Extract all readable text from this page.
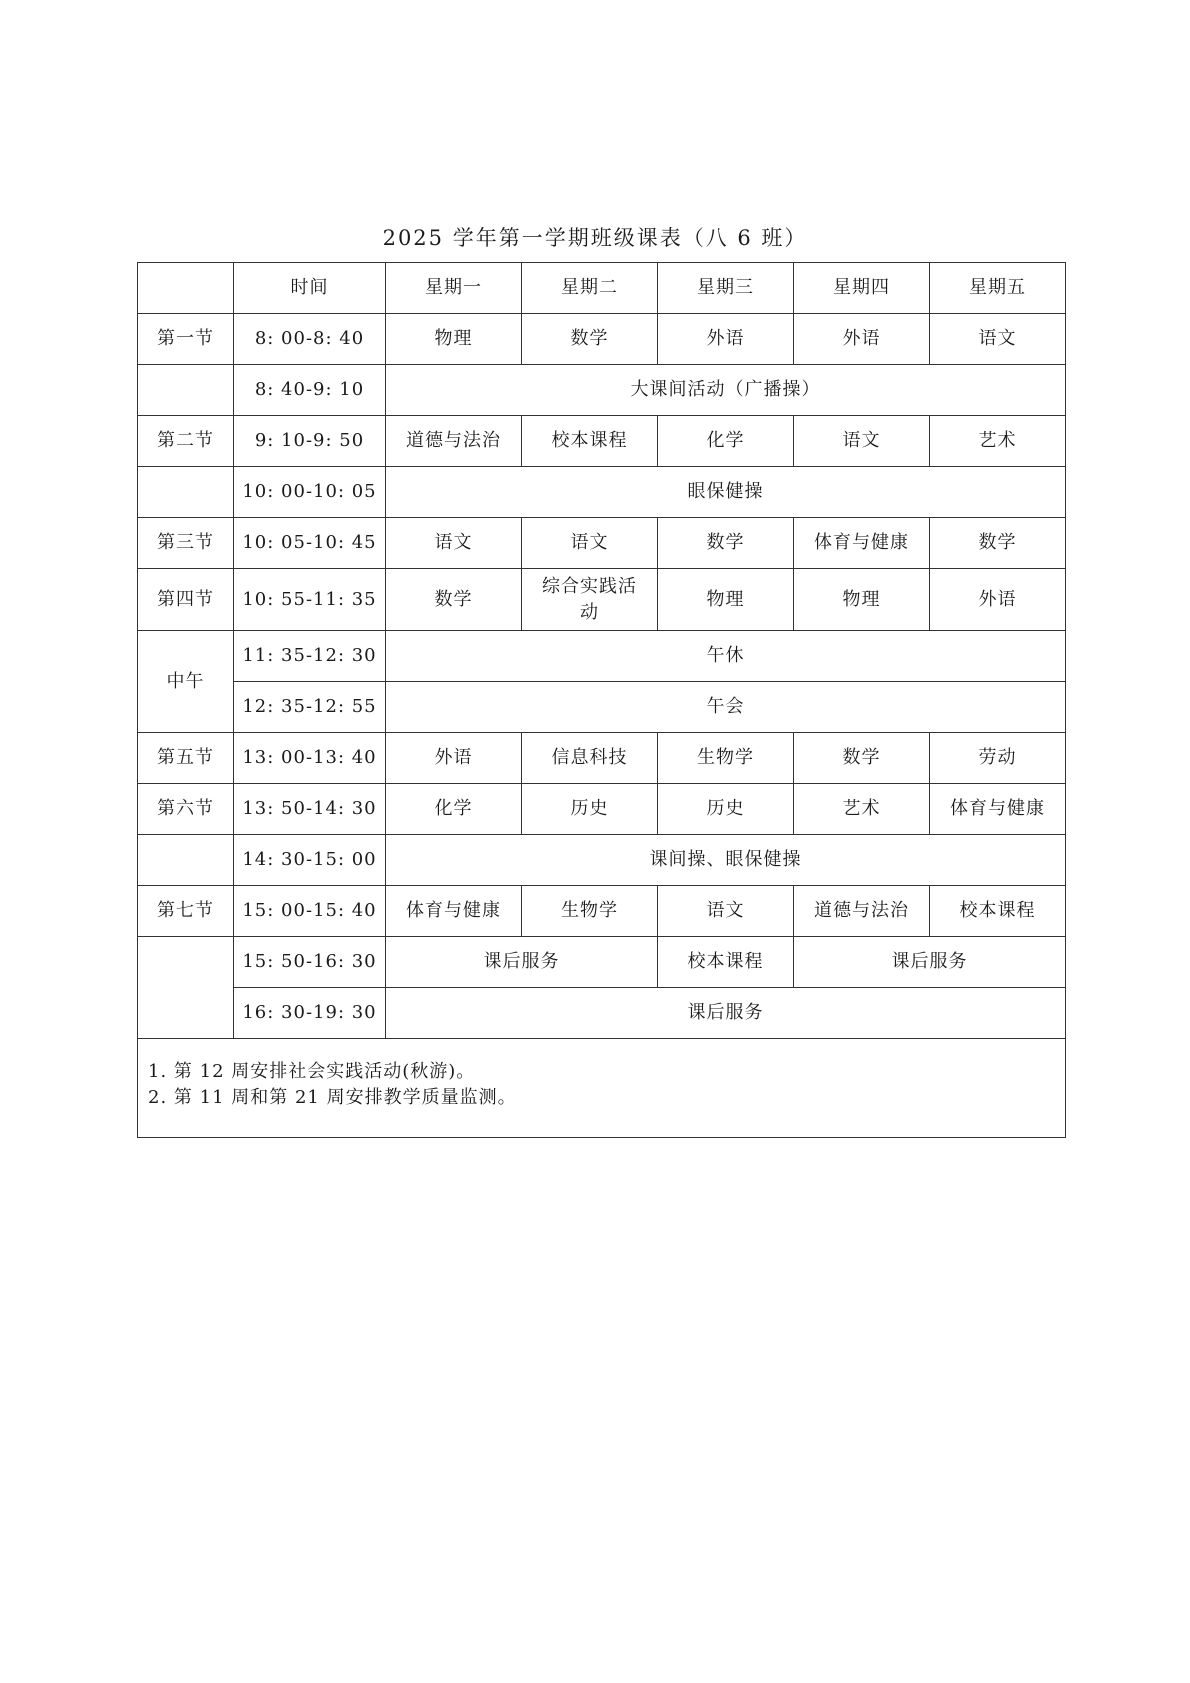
2025 学年第一学期班级课表（八 6 班）
	时间	星期一	星期二	星期三	星期四	星期五
第一节	8: 00-8: 40	物理	数学	外语	外语	语文
	8: 40-9: 10	大课间活动（广播操）				
第二节	9: 10-9: 50	道德与法治	校本课程	化学	语文	艺术
	10: 00-10: 05	眼保健操				
第三节	10: 05-10: 45	语文	语文	数学	体育与健康	数学
第四节	10: 55-11: 35	数学	综合实践活动	物理	物理	外语
中午	11: 35-12: 30	午休				
	12: 35-12: 55	午会				
第五节	13: 00-13: 40	外语	信息科技	生物学	数学	劳动
第六节	13: 50-14: 30	化学	历史	历史	艺术	体育与健康
	14: 30-15: 00	课间操、眼保健操				
第七节	15: 00-15: 40	体育与健康	生物学	语文	道德与法治	校本课程
	15: 50-16: 30	课后服务		校本课程	课后服务	
	16: 30-19: 30	课后服务				

1. 第 12 周安排社会实践活动(秋游)。
2. 第 11 周和第 21 周安排教学质量监测。						
